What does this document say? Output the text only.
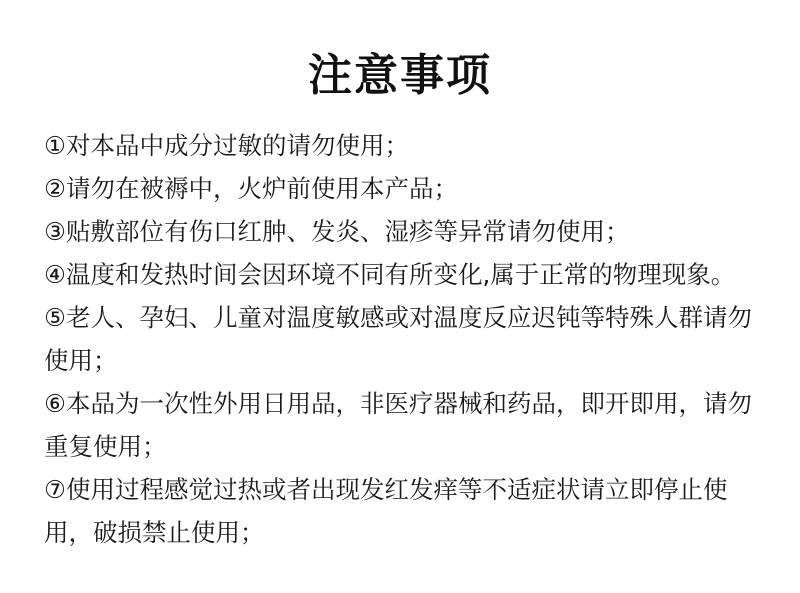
注意事项
①对本品中成分过敏的请勿使用；
②请勿在被褥中，火炉前使用本产品；
③贴敷部位有伤口红肿、发炎、湿疹等异常请勿使用；
④温度和发热时间会因环境不同有所变化,属于正常的物理现象。
⑤老人、孕妇、儿童对温度敏感或对温度反应迟钝等特殊人群请勿使用；
⑥本品为一次性外用日用品，非医疗器械和药品，即开即用，请勿重复使用；
⑦使用过程感觉过热或者出现发红发痒等不适症状请立即停止使用，破损禁止使用；
